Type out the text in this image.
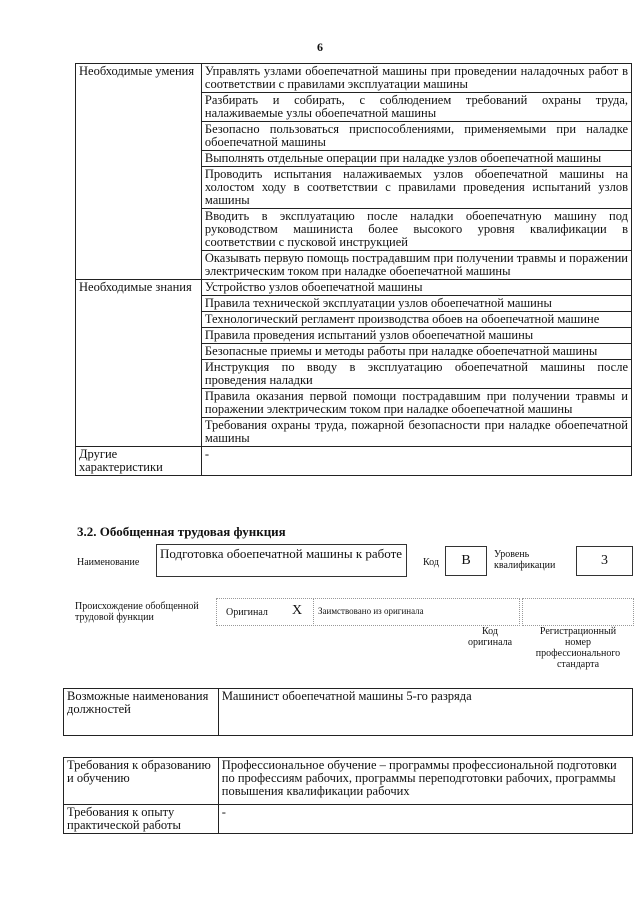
6
Необходимые умения	Управлять узлами обоепечатной машины при проведении наладочных работ в соответствии с правилами эксплуатации машины
	Разбирать и собирать, с соблюдением требований охраны труда, налаживаемые узлы обоепечатной машины
	Безопасно пользоваться приспособлениями, применяемыми при наладке обоепечатной машины
	Выполнять отдельные операции при наладке узлов обоепечатной машины
	Проводить испытания налаживаемых узлов обоепечатной машины на холостом ходу в соответствии с правилами проведения испытаний узлов машины
	Вводить в эксплуатацию после наладки обоепечатную машину под руководством машиниста более высокого уровня квалификации в соответствии с пусковой инструкцией
	Оказывать первую помощь пострадавшим при получении травмы и поражении электрическим током при наладке обоепечатной машины
Необходимые знания	Устройство узлов обоепечатной машины
	Правила технической эксплуатации узлов обоепечатной машины
	Технологический регламент производства обоев на обоепечатной машине
	Правила проведения испытаний узлов обоепечатной машины
	Безопасные приемы и методы работы при наладке обоепечатной машины
	Инструкция по вводу в эксплуатацию обоепечатной машины после проведения наладки
	Правила оказания первой помощи пострадавшим при получении травмы и поражении электрическим током при наладке обоепечатной машины
	Требования охраны труда, пожарной безопасности при наладке обоепечатной машины
Другие характеристики	-
3.2. Обобщенная трудовая функция
Наименование
Подготовка обоепечатной машины к работе
Код	B	Уровень квалификации	3
Происхождение обобщенной трудовой функции	Оригинал X Заимствовано из оригинала
Код оригинала
Регистрационный номер профессионального стандарта
Возможные наименования должностей	Машинист обоепечатной машины 5-го разряда
Требования к образованию и обучению	Профессиональное обучение – программы профессиональной подготовки по профессиям рабочих, программы переподготовки рабочих, программы повышения квалификации рабочих
Требования к опыту практической работы	-
